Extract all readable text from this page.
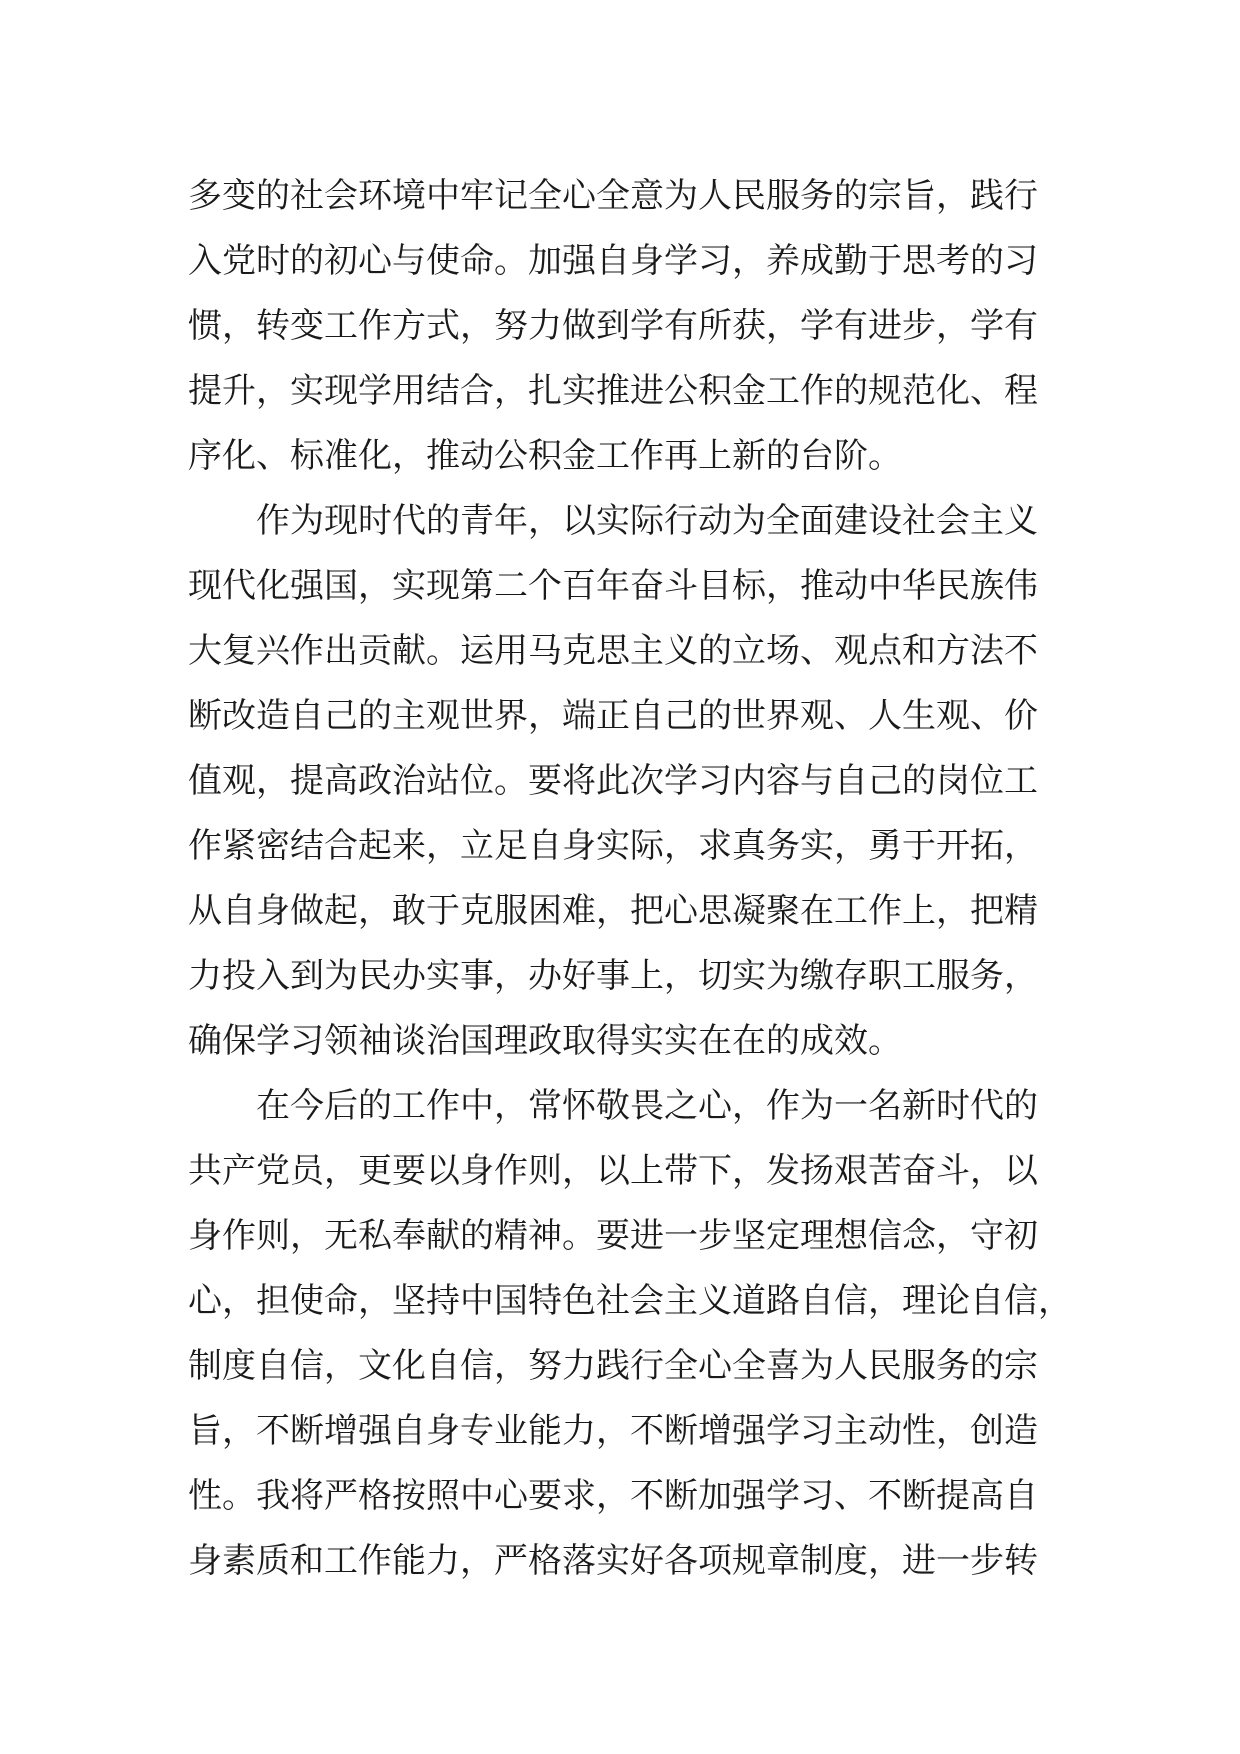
多变的社会环境中牢记全心全意为人民服务的宗旨，践行
入党时的初心与使命。加强自身学习，养成勤于思考的习
惯，转变工作方式，努力做到学有所获，学有进步，学有
提升，实现学用结合，扎实推进公积金工作的规范化、程
序化、标准化，推动公积金工作再上新的台阶。
作为现时代的青年，以实际行动为全面建设社会主义
现代化强国，实现第二个百年奋斗目标，推动中华民族伟
大复兴作出贡献。运用马克思主义的立场、观点和方法不
断改造自己的主观世界，端正自己的世界观、人生观、价
值观，提高政治站位。要将此次学习内容与自己的岗位工
作紧密结合起来，立足自身实际，求真务实，勇于开拓，
从自身做起，敢于克服困难，把心思凝聚在工作上，把精
力投入到为民办实事，办好事上，切实为缴存职工服务，
确保学习领袖谈治国理政取得实实在在的成效。
在今后的工作中，常怀敬畏之心，作为一名新时代的
共产党员，更要以身作则，以上带下，发扬艰苦奋斗，以
身作则，无私奉献的精神。要进一步坚定理想信念，守初
心，担使命，坚持中国特色社会主义道路自信，理论自信，
制度自信，文化自信，努力践行全心全喜为人民服务的宗
旨，不断增强自身专业能力，不断增强学习主动性，创造
性。我将严格按照中心要求，不断加强学习、不断提高自
身素质和工作能力，严格落实好各项规章制度，进一步转
